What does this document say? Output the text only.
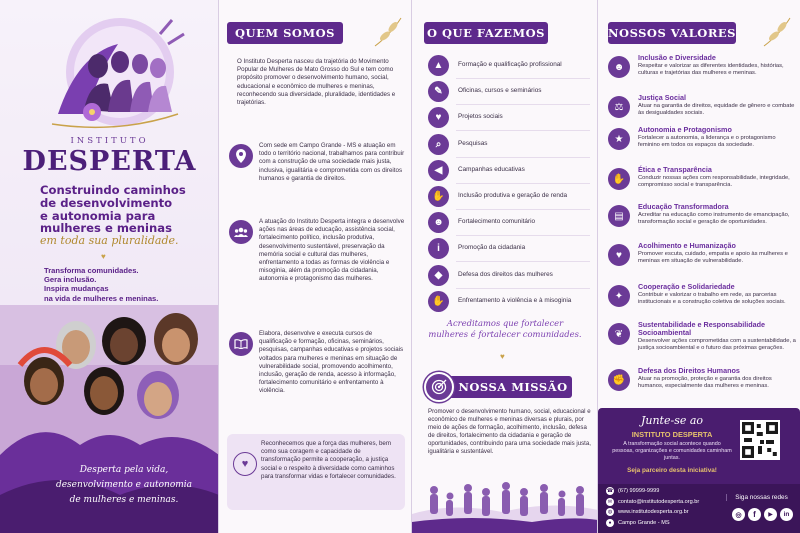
INSTITUTO
DESPERTA
Construindo caminhos
de desenvolvimento
e autonomia para
mulheres e meninas
em toda sua pluralidade.
♥
Transforma comunidades.
Gera inclusão.
Inspira mudanças
na vida de mulheres e meninas.
Desperta pela vida,
desenvolvimento e autonomia
de mulheres e meninas.
QUEM SOMOS
O Instituto Desperta nasceu da trajetória do Movimento Popular de Mulheres de Mato Grosso do Sul e tem como propósito promover o desenvolvimento humano, social, educacional e econômico de mulheres e meninas, reconhecendo sua diversidade, pluralidade, identidades e trajetórias.
Com sede em Campo Grande - MS e atuação em todo o território nacional, trabalhamos para contribuir com a construção de uma sociedade mais justa, inclusiva, igualitária e comprometida com os direitos humanos e garantia de direitos.
A atuação do Instituto Desperta integra e desenvolve ações nas áreas de educação, assistência social, fortalecimento político, inclusão produtiva, desenvolvimento sustentável, preservação da memória social e cultural das mulheres, enfrentamento a todas as formas de violência e misoginia, além da promoção da cidadania, autonomia e protagonismo das mulheres.
Elabora, desenvolve e executa cursos de qualificação e formação, oficinas, seminários, pesquisas, campanhas educativas e projetos sociais voltados para mulheres e meninas em situação de vulnerabilidade social, promovendo acolhimento, inclusão, geração de renda, acesso à informação, fortalecimento comunitário e enfrentamento à violência.
♥
Reconhecemos que a força das mulheres, bem como sua coragem e capacidade de transformação permite a cooperação, a justiça social e o respeito à diversidade como caminhos para transformar vidas e fortalecer comunidades.
O QUE FAZEMOS
▲	Formação e qualificação profissional
✎	Oficinas, cursos e seminários
♥	Projetos sociais
⌕	Pesquisas
◀	Campanhas educativas
✋	Inclusão produtiva e geração de renda
☻	Fortalecimento comunitário
i	Promoção da cidadania
◆	Defesa dos direitos das mulheres
✋	Enfrentamento à violência e à misoginia
Acreditamos que fortalecer
mulheres é fortalecer comunidades.
♥
NOSSA MISSÃO
Promover o desenvolvimento humano, social, educacional e econômico de mulheres e meninas diversas e plurais, por meio de ações de formação, acolhimento, inclusão, defesa de direitos, fortalecimento da cidadania e geração de oportunidades, contribuindo para uma sociedade mais justa, igualitária e sustentável.
NOSSOS VALORES
☻
Inclusão e Diversidade
Respeitar e valorizar as diferentes identidades, histórias, culturas e trajetórias das mulheres e meninas.
⚖
Justiça Social
Atuar na garantia de direitos, equidade de gênero e combate às desigualdades sociais.
★
Autonomia e Protagonismo
Fortalecer a autonomia, a liderança e o protagonismo feminino em todos os espaços da sociedade.
✋
Ética e Transparência
Conduzir nossas ações com responsabilidade, integridade, compromisso social e transparência.
▤
Educação Transformadora
Acreditar na educação como instrumento de emancipação, transformação social e geração de oportunidades.
♥
Acolhimento e Humanização
Promover escuta, cuidado, empatia e apoio às mulheres e meninas em situação de vulnerabilidade.
✦
Cooperação e Solidariedade
Contribuir e valorizar o trabalho em rede, as parcerias institucionais e a construção coletiva de soluções sociais.
❦
Sustentabilidade e Responsabilidade Socioambiental
Desenvolver ações comprometidas com a sustentabilidade, a justiça socioambiental e o futuro das próximas gerações.
✊
Defesa dos Direitos Humanos
Atuar na promoção, proteção e garantia dos direitos humanos, especialmente das mulheres e meninas.
Junte-se ao
INSTITUTO DESPERTA
A transformação social acontece quando pessoas, organizações e comunidades caminham juntas.
Seja parceiro desta iniciativa!
☎ (67) 99999-9999
✉	contato@institutodesperta.org.br
◍	www.institutodesperta.org.br
●	Campo Grande - MS
Siga nossas redes
◎	f	▶	in
